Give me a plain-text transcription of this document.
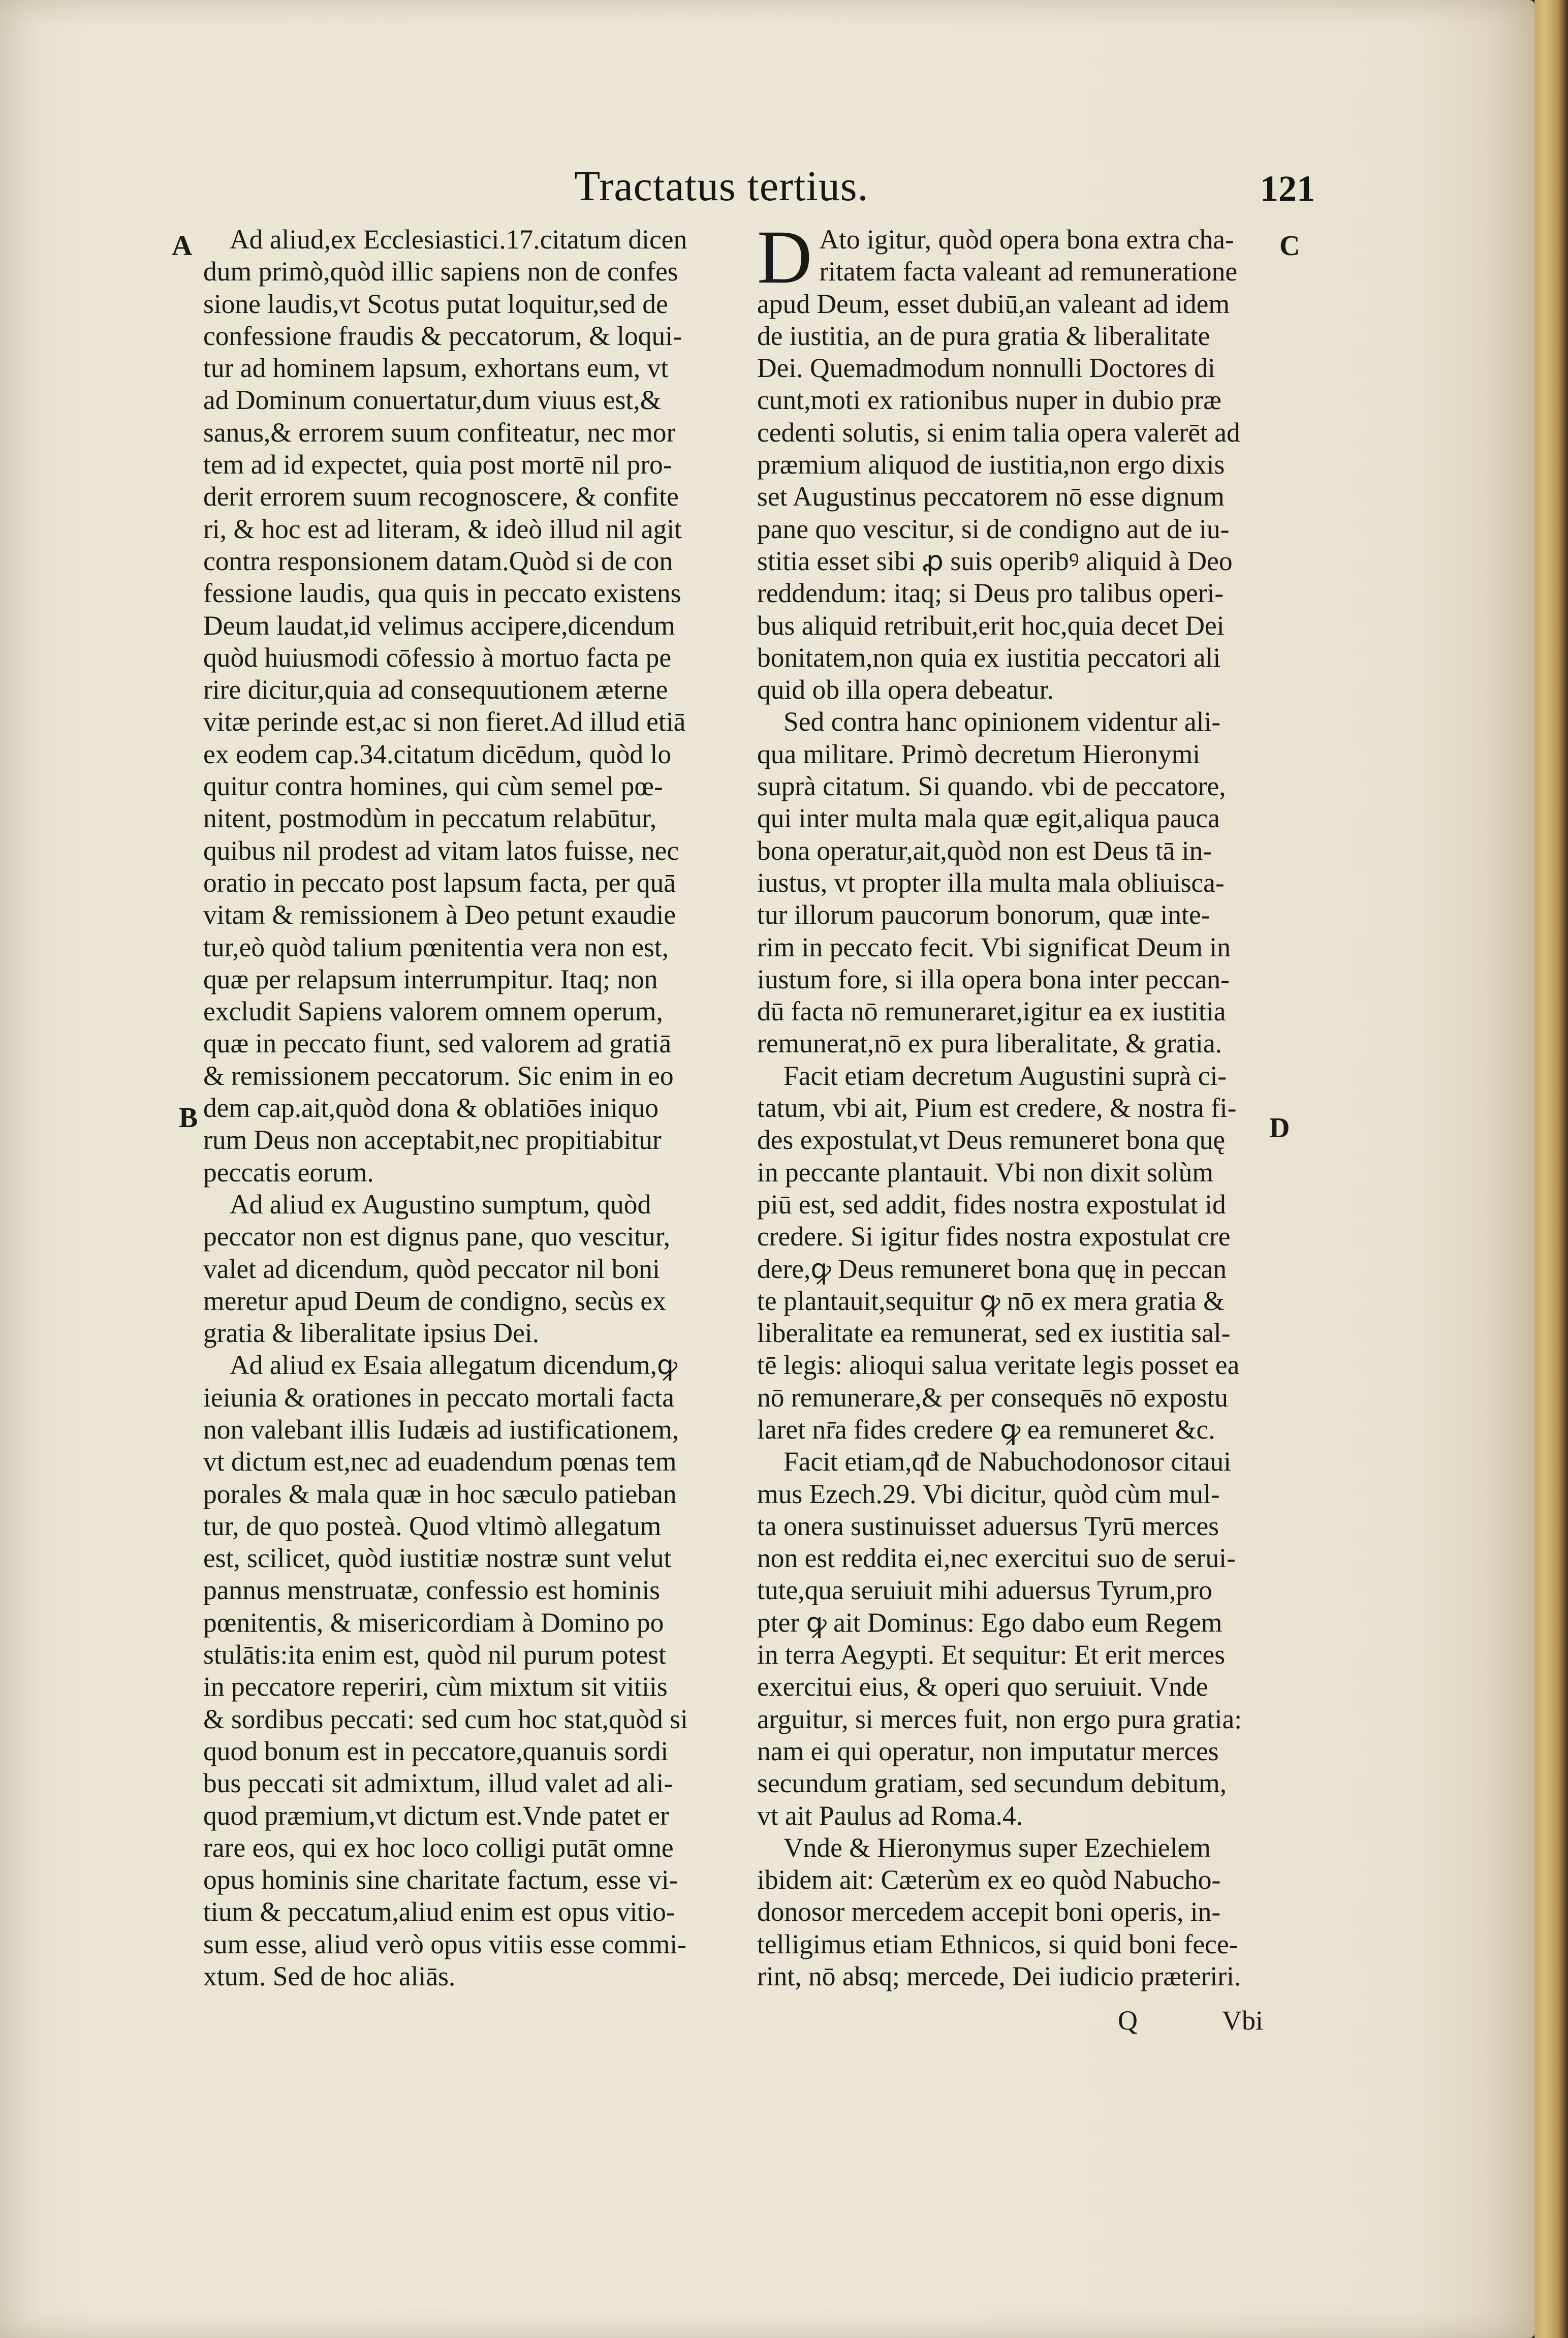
Tractatus tertius.	121
A
B
C
D
Ad aliud,ex Ecclesiastici.17.citatum dicen
dum primò,quòd illic sapiens non de confes
sione laudis,vt Scotus putat loquitur,sed de
confessione fraudis & peccatorum, & loqui-
tur ad hominem lapsum, exhortans eum, vt
ad Dominum conuertatur,dum viuus est,&
sanus,& errorem suum confiteatur, nec mor
tem ad id expectet, quia post mortē nil pro-
derit errorem suum recognoscere, & confite
ri, & hoc est ad literam, & ideò illud nil agit
contra responsionem datam.Quòd si de con
fessione laudis, qua quis in peccato existens
Deum laudat,id velimus accipere,dicendum
quòd huiusmodi cōfessio à mortuo facta pe
rire dicitur,quia ad consequutionem æterne
vitæ perinde est,ac si non fieret.Ad illud etiā
ex eodem cap.34.citatum dicēdum, quòd lo
quitur contra homines, qui cùm semel pœ-
nitent, postmodùm in peccatum relabūtur,
quibus nil prodest ad vitam latos fuisse, nec
oratio in peccato post lapsum facta, per quā
vitam & remissionem à Deo petunt exaudie
tur,eò quòd talium pœnitentia vera non est,
quæ per relapsum interrumpitur. Itaq; non
excludit Sapiens valorem omnem operum,
quæ in peccato fiunt, sed valorem ad gratiā
& remissionem peccatorum. Sic enim in eo
dem cap.ait,quòd dona & oblatiōes iniquo
rum Deus non acceptabit,nec propitiabitur
peccatis eorum.
Ad aliud ex Augustino sumptum, quòd
peccator non est dignus pane, quo vescitur,
valet ad dicendum, quòd peccator nil boni
meretur apud Deum de condigno, secùs ex
gratia & liberalitate ipsius Dei.
Ad aliud ex Esaia allegatum dicendum,ꝙ
ieiunia & orationes in peccato mortali facta
non valebant illis Iudæis ad iustificationem,
vt dictum est,nec ad euadendum pœnas tem
porales & mala quæ in hoc sæculo patieban
tur, de quo posteà. Quod vltimò allegatum
est, scilicet, quòd iustitiæ nostræ sunt velut
pannus menstruatæ, confessio est hominis
pœnitentis, & misericordiam à Domino po
stulātis:ita enim est, quòd nil purum potest
in peccatore reperiri, cùm mixtum sit vitiis
& sordibus peccati: sed cum hoc stat,quòd si
quod bonum est in peccatore,quanuis sordi
bus peccati sit admixtum, illud valet ad ali-
quod præmium,vt dictum est.Vnde patet er
rare eos, qui ex hoc loco colligi putāt omne
opus hominis sine charitate factum, esse vi-
tium & peccatum,aliud enim est opus vitio-
sum esse, aliud verò opus vitiis esse commi-
xtum. Sed de hoc aliās.
D Ato igitur, quòd opera bona extra cha-
ritatem facta valeant ad remuneratione
apud Deum, esset dubiū,an valeant ad idem
de iustitia, an de pura gratia & liberalitate
Dei. Quemadmodum nonnulli Doctores di
cunt,moti ex rationibus nuper in dubio præ
cedenti solutis, si enim talia opera valerēt ad
præmium aliquod de iustitia,non ergo dixis
set Augustinus peccatorem nō esse dignum
pane quo vescitur, si de condigno aut de iu-
stitia esset sibi ꝓ suis operibꝰ aliquid à Deo
reddendum: itaq; si Deus pro talibus operi-
bus aliquid retribuit,erit hoc,quia decet Dei
bonitatem,non quia ex iustitia peccatori ali
quid ob illa opera debeatur.
Sed contra hanc opinionem videntur ali-
qua militare. Primò decretum Hieronymi
suprà citatum. Si quando. vbi de peccatore,
qui inter multa mala quæ egit,aliqua pauca
bona operatur,ait,quòd non est Deus tā in-
iustus, vt propter illa multa mala obliuisca-
tur illorum paucorum bonorum, quæ inte-
rim in peccato fecit. Vbi significat Deum in
iustum fore, si illa opera bona inter peccan-
dū facta nō remuneraret,igitur ea ex iustitia
remunerat,nō ex pura liberalitate, & gratia.
Facit etiam decretum Augustini suprà ci-
tatum, vbi ait, Pium est credere, & nostra fi-
des expostulat,vt Deus remuneret bona quę
in peccante plantauit. Vbi non dixit solùm
piū est, sed addit, fides nostra expostulat id
credere. Si igitur fides nostra expostulat cre
dere,ꝙ Deus remuneret bona quę in peccan
te plantauit,sequitur ꝙ nō ex mera gratia &
liberalitate ea remunerat, sed ex iustitia sal-
tē legis: alioqui salua veritate legis posset ea
nō remunerare,& per consequēs nō expostu
laret nr̄a fides credere ꝙ ea remuneret &c.
Facit etiam,qđ de Nabuchodonosor citaui
mus Ezech.29. Vbi dicitur, quòd cùm mul-
ta onera sustinuisset aduersus Tyrū merces
non est reddita ei,nec exercitui suo de serui-
tute,qua seruiuit mihi aduersus Tyrum,pro
pter ꝙ ait Dominus: Ego dabo eum Regem
in terra Aegypti. Et sequitur: Et erit merces
exercitui eius, & operi quo seruiuit. Vnde
arguitur, si merces fuit, non ergo pura gratia:
nam ei qui operatur, non imputatur merces
secundum gratiam, sed secundum debitum,
vt ait Paulus ad Roma.4.
Vnde & Hieronymus super Ezechielem
ibidem ait: Cæterùm ex eo quòd Nabucho-
donosor mercedem accepit boni operis, in-
telligimus etiam Ethnicos, si quid boni fece-
rint, nō absq; mercede, Dei iudicio præteriri.
Q	Vbi
